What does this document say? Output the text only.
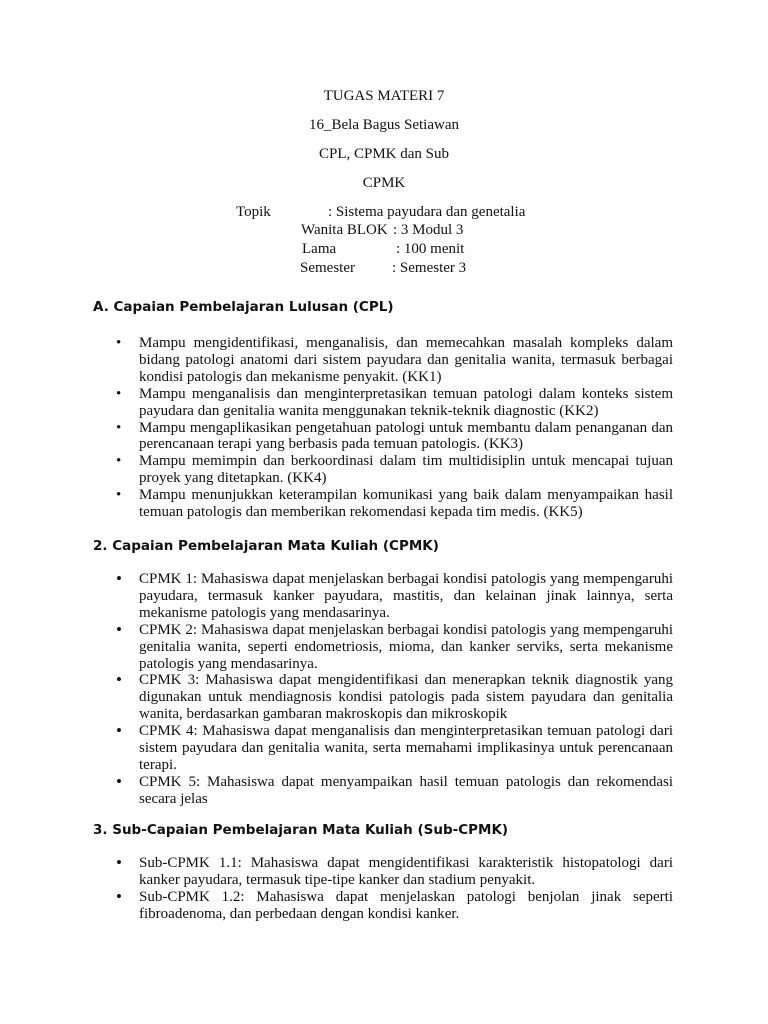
TUGAS MATERI 7
16_Bela Bagus Setiawan
CPL, CPMK dan Sub
CPMK
Topik	: Sistema payudara dan genetalia
Wanita BLOK : 3 Modul 3
Lama	: 100 menit
Semester : Semester 3
A. Capaian Pembelajaran Lulusan (CPL)
•	Mampu mengidentifikasi, menganalisis, dan memecahkan masalah kompleks dalam bidang patologi anatomi dari sistem payudara dan genitalia wanita, termasuk berbagai kondisi patologis dan mekanisme penyakit. (KK1)
•	Mampu menganalisis dan menginterpretasikan temuan patologi dalam konteks sistem payudara dan genitalia wanita menggunakan teknik-teknik diagnostic (KK2)
•	Mampu mengaplikasikan pengetahuan patologi untuk membantu dalam penanganan dan perencanaan terapi yang berbasis pada temuan patologis. (KK3)
•	Mampu memimpin dan berkoordinasi dalam tim multidisiplin untuk mencapai tujuan proyek yang ditetapkan. (KK4)
•	Mampu menunjukkan keterampilan komunikasi yang baik dalam menyampaikan hasil temuan patologis dan memberikan rekomendasi kepada tim medis. (KK5)
2. Capaian Pembelajaran Mata Kuliah (CPMK)
•	CPMK 1: Mahasiswa dapat menjelaskan berbagai kondisi patologis yang mempengaruhi payudara, termasuk kanker payudara, mastitis, dan kelainan jinak lainnya, serta mekanisme patologis yang mendasarinya.
•	CPMK 2: Mahasiswa dapat menjelaskan berbagai kondisi patologis yang mempengaruhi genitalia wanita, seperti endometriosis, mioma, dan kanker serviks, serta mekanisme patologis yang mendasarinya.
•	CPMK 3: Mahasiswa dapat mengidentifikasi dan menerapkan teknik diagnostik yang digunakan untuk mendiagnosis kondisi patologis pada sistem payudara dan genitalia wanita, berdasarkan gambaran makroskopis dan mikroskopik
•	CPMK 4: Mahasiswa dapat menganalisis dan menginterpretasikan temuan patologi dari sistem payudara dan genitalia wanita, serta memahami implikasinya untuk perencanaan terapi.
•	CPMK 5: Mahasiswa dapat menyampaikan hasil temuan patologis dan rekomendasi secara jelas
3. Sub-Capaian Pembelajaran Mata Kuliah (Sub-CPMK)
•	Sub-CPMK 1.1: Mahasiswa dapat mengidentifikasi karakteristik histopatologi dari kanker payudara, termasuk tipe-tipe kanker dan stadium penyakit.
•	Sub-CPMK 1.2: Mahasiswa dapat menjelaskan patologi benjolan jinak seperti fibroadenoma, dan perbedaan dengan kondisi kanker.
